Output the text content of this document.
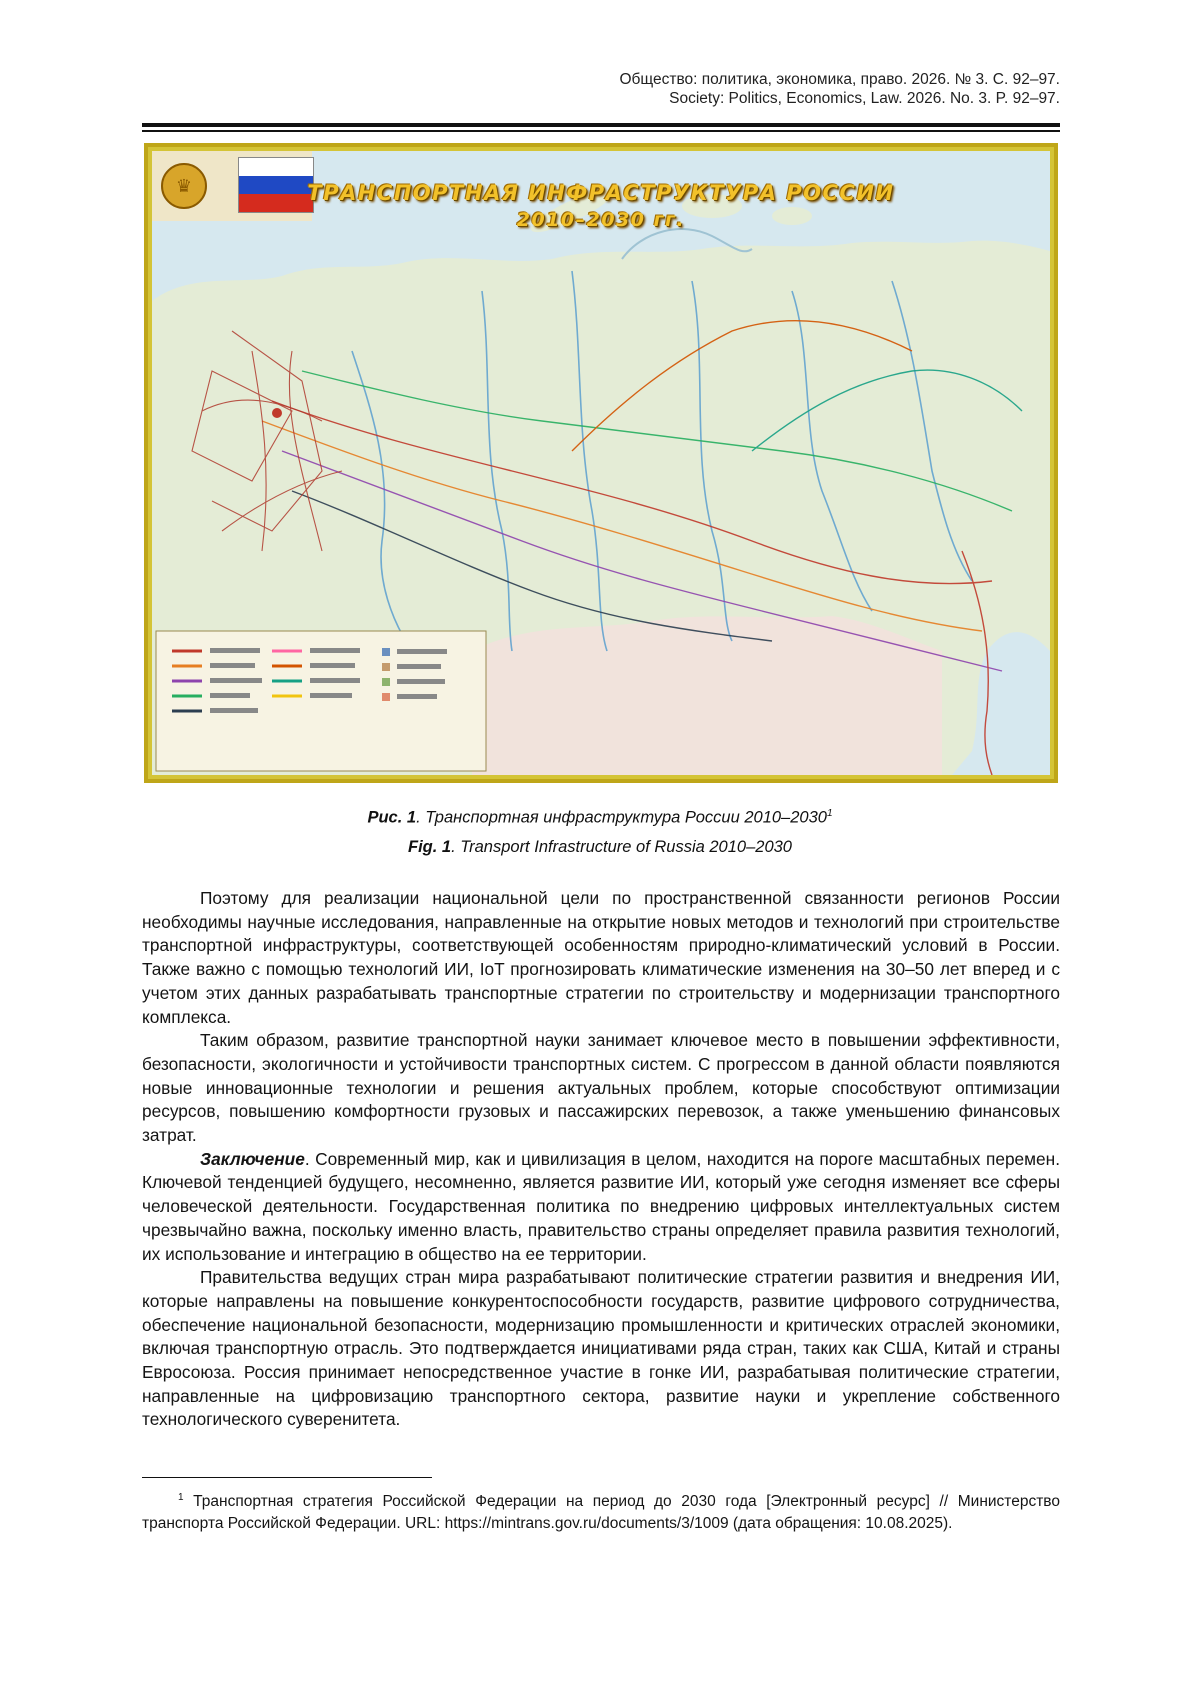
Общество: политика, экономика, право. 2026. № 3. С. 92–97.
Society: Politics, Economics, Law. 2026. No. 3. P. 92–97.
♛	ТРАНСПОРТНАЯ ИНФРАСТРУКТУРА РОССИИ
2010–2030 гг.
Рис. 1. Транспортная инфраструктура России 2010–2030$^1$
Fig. 1. Transport Infrastructure of Russia 2010–2030

Поэтому для реализации национальной цели по пространственной связанности регионов России необходимы научные исследования, направленные на открытие новых методов и технологий при строительстве транспортной инфраструктуры, соответствующей особенностям природно-климатический условий в России. Также важно с помощью технологий ИИ, IoT прогнозировать климатические изменения на 30–50 лет вперед и с учетом этих данных разрабатывать транспортные стратегии по строительству и модернизации транспортного комплекса.

Таким образом, развитие транспортной науки занимает ключевое место в повышении эффективности, безопасности, экологичности и устойчивости транспортных систем. С прогрессом в данной области появляются новые инновационные технологии и решения актуальных проблем, которые способствуют оптимизации ресурсов, повышению комфортности грузовых и пассажирских перевозок, а также уменьшению финансовых затрат.

Заключение. Современный мир, как и цивилизация в целом, находится на пороге масштабных перемен. Ключевой тенденцией будущего, несомненно, является развитие ИИ, который уже сегодня изменяет все сферы человеческой деятельности. Государственная политика по внедрению цифровых интеллектуальных систем чрезвычайно важна, поскольку именно власть, правительство страны определяет правила развития технологий, их использование и интеграцию в общество на ее территории.

Правительства ведущих стран мира разрабатывают политические стратегии развития и внедрения ИИ, которые направлены на повышение конкурентоспособности государств, развитие цифрового сотрудничества, обеспечение национальной безопасности, модернизацию промышленности и критических отраслей экономики, включая транспортную отрасль. Это подтверждается инициативами ряда стран, таких как США, Китай и страны Евросоюза. Россия принимает непосредственное участие в гонке ИИ, разрабатывая политические стратегии, направленные на цифровизацию транспортного сектора, развитие науки и укрепление собственного технологического суверенитета.

$^1$ Транспортная стратегия Российской Федерации на период до 2030 года [Электронный ресурс] // Министерство транспорта Российской Федерации. URL: https://mintrans.gov.ru/documents/3/1009 (дата обращения: 10.08.2025).
